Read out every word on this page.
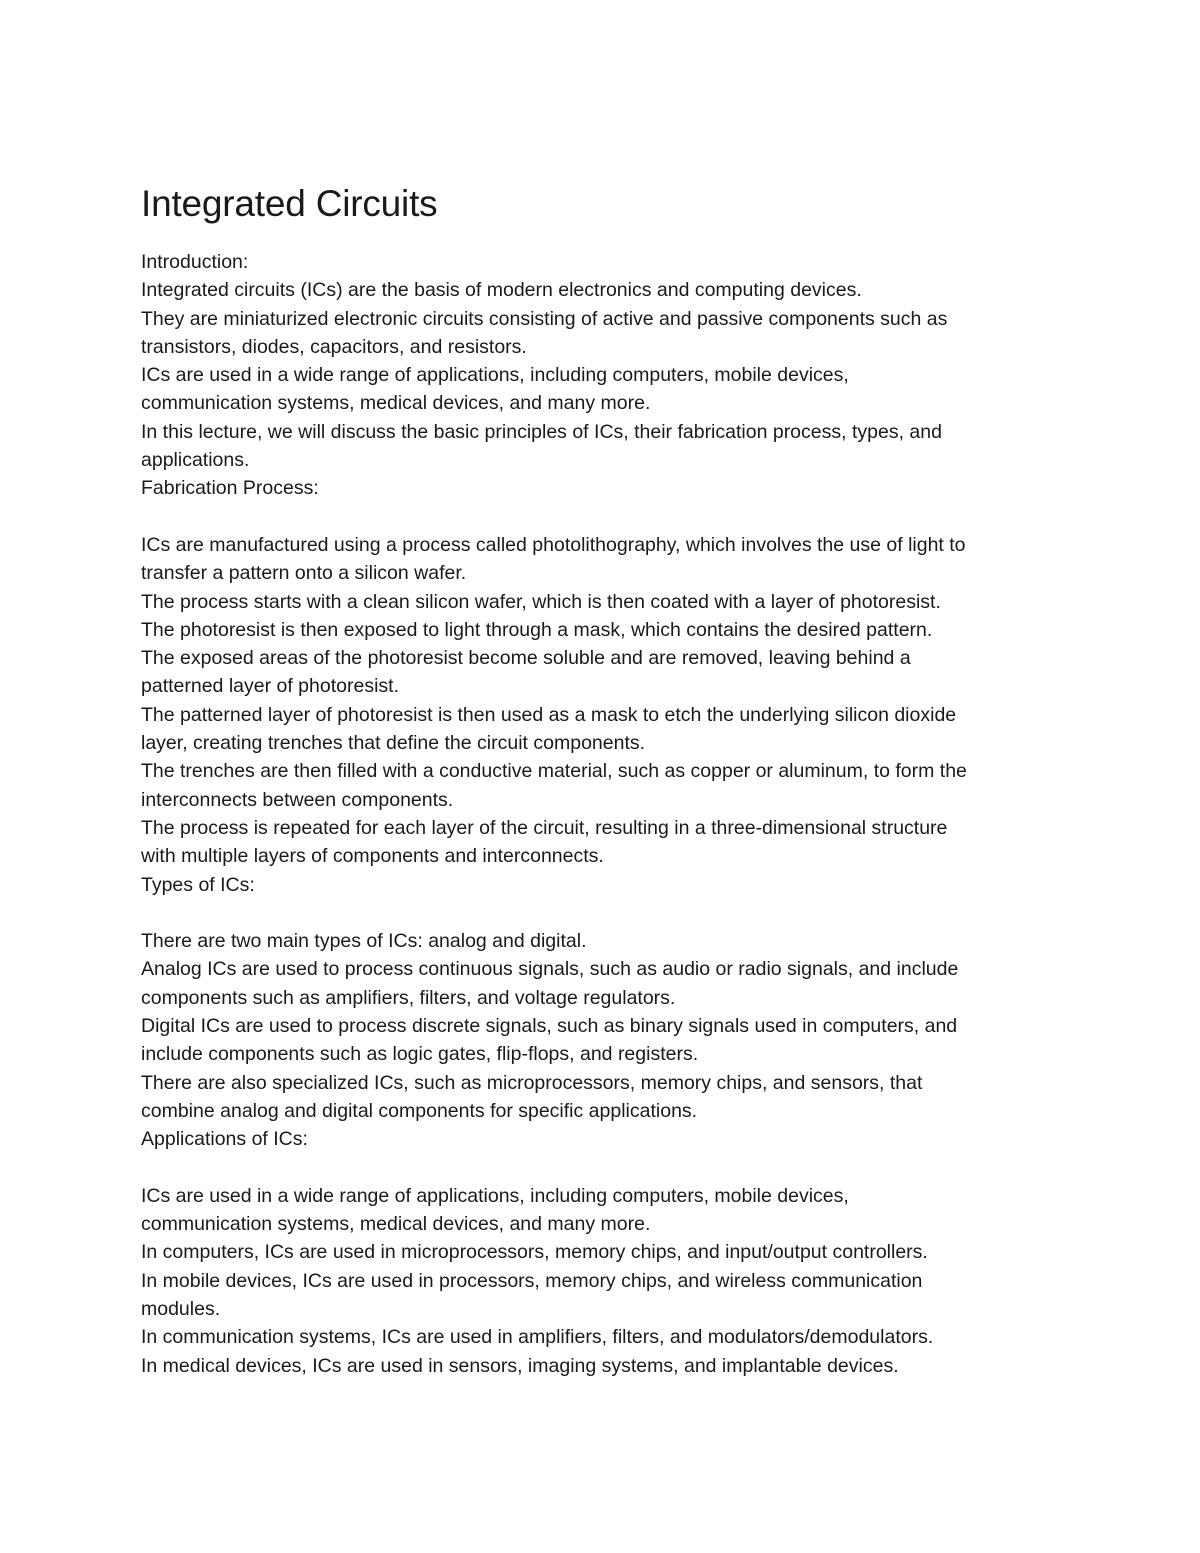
Integrated Circuits

Introduction:

Integrated circuits (ICs) are the basis of modern electronics and computing devices.

They are miniaturized electronic circuits consisting of active and passive components such as

transistors, diodes, capacitors, and resistors.

ICs are used in a wide range of applications, including computers, mobile devices,

communication systems, medical devices, and many more.

In this lecture, we will discuss the basic principles of ICs, their fabrication process, types, and

applications.

Fabrication Process:

ICs are manufactured using a process called photolithography, which involves the use of light to

transfer a pattern onto a silicon wafer.

The process starts with a clean silicon wafer, which is then coated with a layer of photoresist.

The photoresist is then exposed to light through a mask, which contains the desired pattern.

The exposed areas of the photoresist become soluble and are removed, leaving behind a

patterned layer of photoresist.

The patterned layer of photoresist is then used as a mask to etch the underlying silicon dioxide

layer, creating trenches that define the circuit components.

The trenches are then filled with a conductive material, such as copper or aluminum, to form the

interconnects between components.

The process is repeated for each layer of the circuit, resulting in a three-dimensional structure

with multiple layers of components and interconnects.

Types of ICs:

There are two main types of ICs: analog and digital.

Analog ICs are used to process continuous signals, such as audio or radio signals, and include

components such as amplifiers, filters, and voltage regulators.

Digital ICs are used to process discrete signals, such as binary signals used in computers, and

include components such as logic gates, flip-flops, and registers.

There are also specialized ICs, such as microprocessors, memory chips, and sensors, that

combine analog and digital components for specific applications.

Applications of ICs:

ICs are used in a wide range of applications, including computers, mobile devices,

communication systems, medical devices, and many more.

In computers, ICs are used in microprocessors, memory chips, and input/output controllers.

In mobile devices, ICs are used in processors, memory chips, and wireless communication

modules.

In communication systems, ICs are used in amplifiers, filters, and modulators/demodulators.

In medical devices, ICs are used in sensors, imaging systems, and implantable devices.
